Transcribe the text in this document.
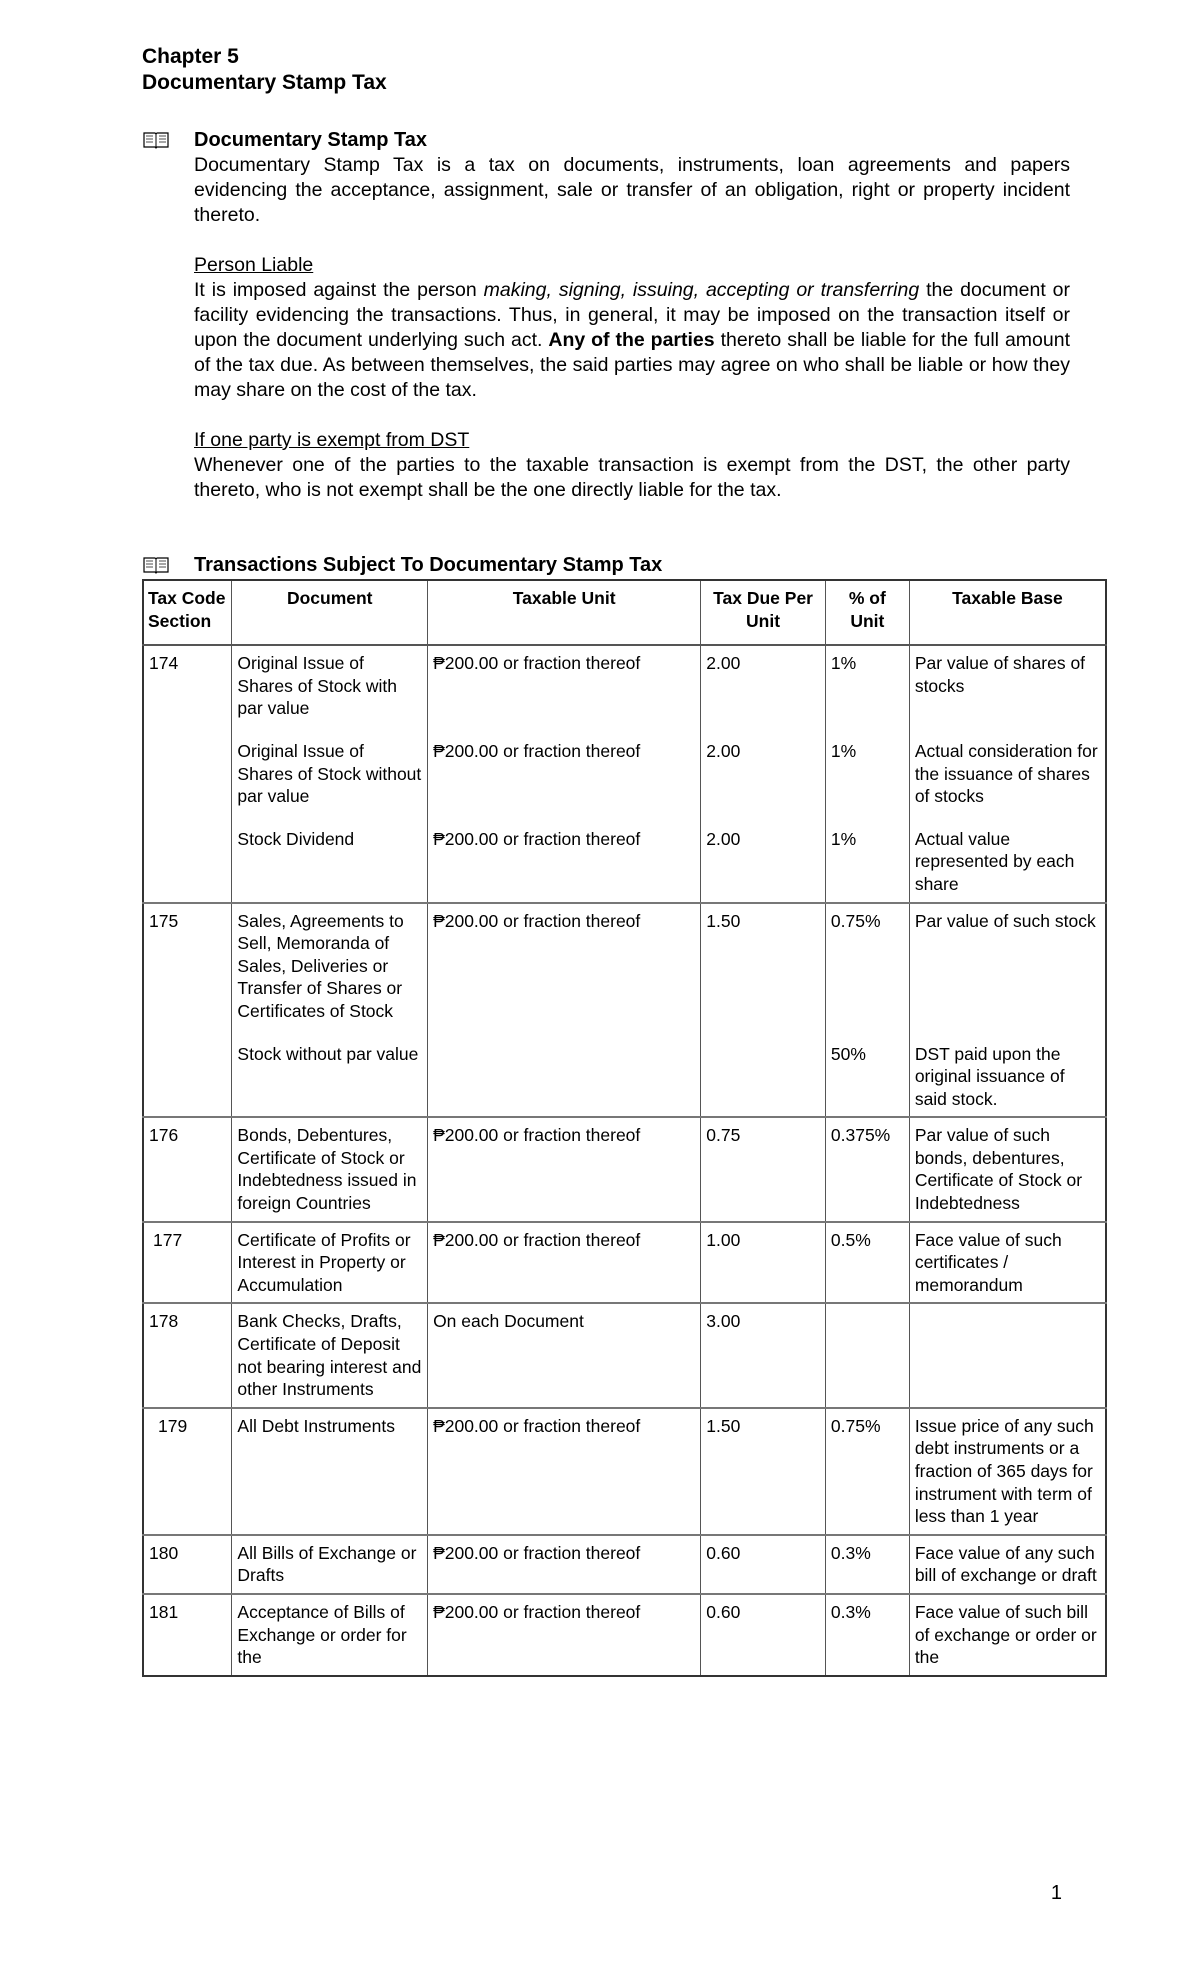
Chapter 5
Documentary Stamp Tax
Documentary Stamp Tax
Documentary Stamp Tax is a tax on documents, instruments, loan agreements and papers evidencing the acceptance, assignment, sale or transfer of an obligation, right or property incident thereto.
Person Liable
It is imposed against the person making, signing, issuing, accepting or transferring the document or facility evidencing the transactions. Thus, in general, it may be imposed on the transaction itself or upon the document underlying such act. Any of the parties thereto shall be liable for the full amount of the tax due. As between themselves, the said parties may agree on who shall be liable or how they may share on the cost of the tax.
If one party is exempt from DST
Whenever one of the parties to the taxable transaction is exempt from the DST, the other party thereto, who is not exempt shall be the one directly liable for the tax.
Transactions Subject To Documentary Stamp Tax
Tax Code Section	Document	Taxable Unit	Tax Due Per Unit	% of Unit	Taxable Base
174	Original Issue of Shares of Stock with par value	₱200.00 or fraction thereof	2.00	1%	Par value of shares of stocks
	Original Issue of Shares of Stock without par value	₱200.00 or fraction thereof	2.00	1%	Actual consideration for the issuance of shares of stocks
	Stock Dividend	₱200.00 or fraction thereof	2.00	1%	Actual value represented by each share
175	Sales, Agreements to Sell, Memoranda of Sales, Deliveries or Transfer of Shares or Certificates of Stock	₱200.00 or fraction thereof	1.50	0.75%	Par value of such stock
	Stock without par value			50%	DST paid upon the original issuance of said stock.
176	Bonds, Debentures, Certificate of Stock or Indebtedness issued in foreign Countries	₱200.00 or fraction thereof	0.75	0.375%	Par value of such bonds, debentures, Certificate of Stock or Indebtedness
177	Certificate of Profits or Interest in Property or Accumulation	₱200.00 or fraction thereof	1.00	0.5%	Face value of such certificates / memorandum
178	Bank Checks, Drafts, Certificate of Deposit not bearing interest and other Instruments	On each Document	3.00		
179	All Debt Instruments	₱200.00 or fraction thereof	1.50	0.75%	Issue price of any such debt instruments or a fraction of 365 days for instrument with term of less than 1 year
180	All Bills of Exchange or Drafts	₱200.00 or fraction thereof	0.60	0.3%	Face value of any such bill of exchange or draft
181	Acceptance of Bills of Exchange or order for the	₱200.00 or fraction thereof	0.60	0.3%	Face value of such bill of exchange or order or the
1
